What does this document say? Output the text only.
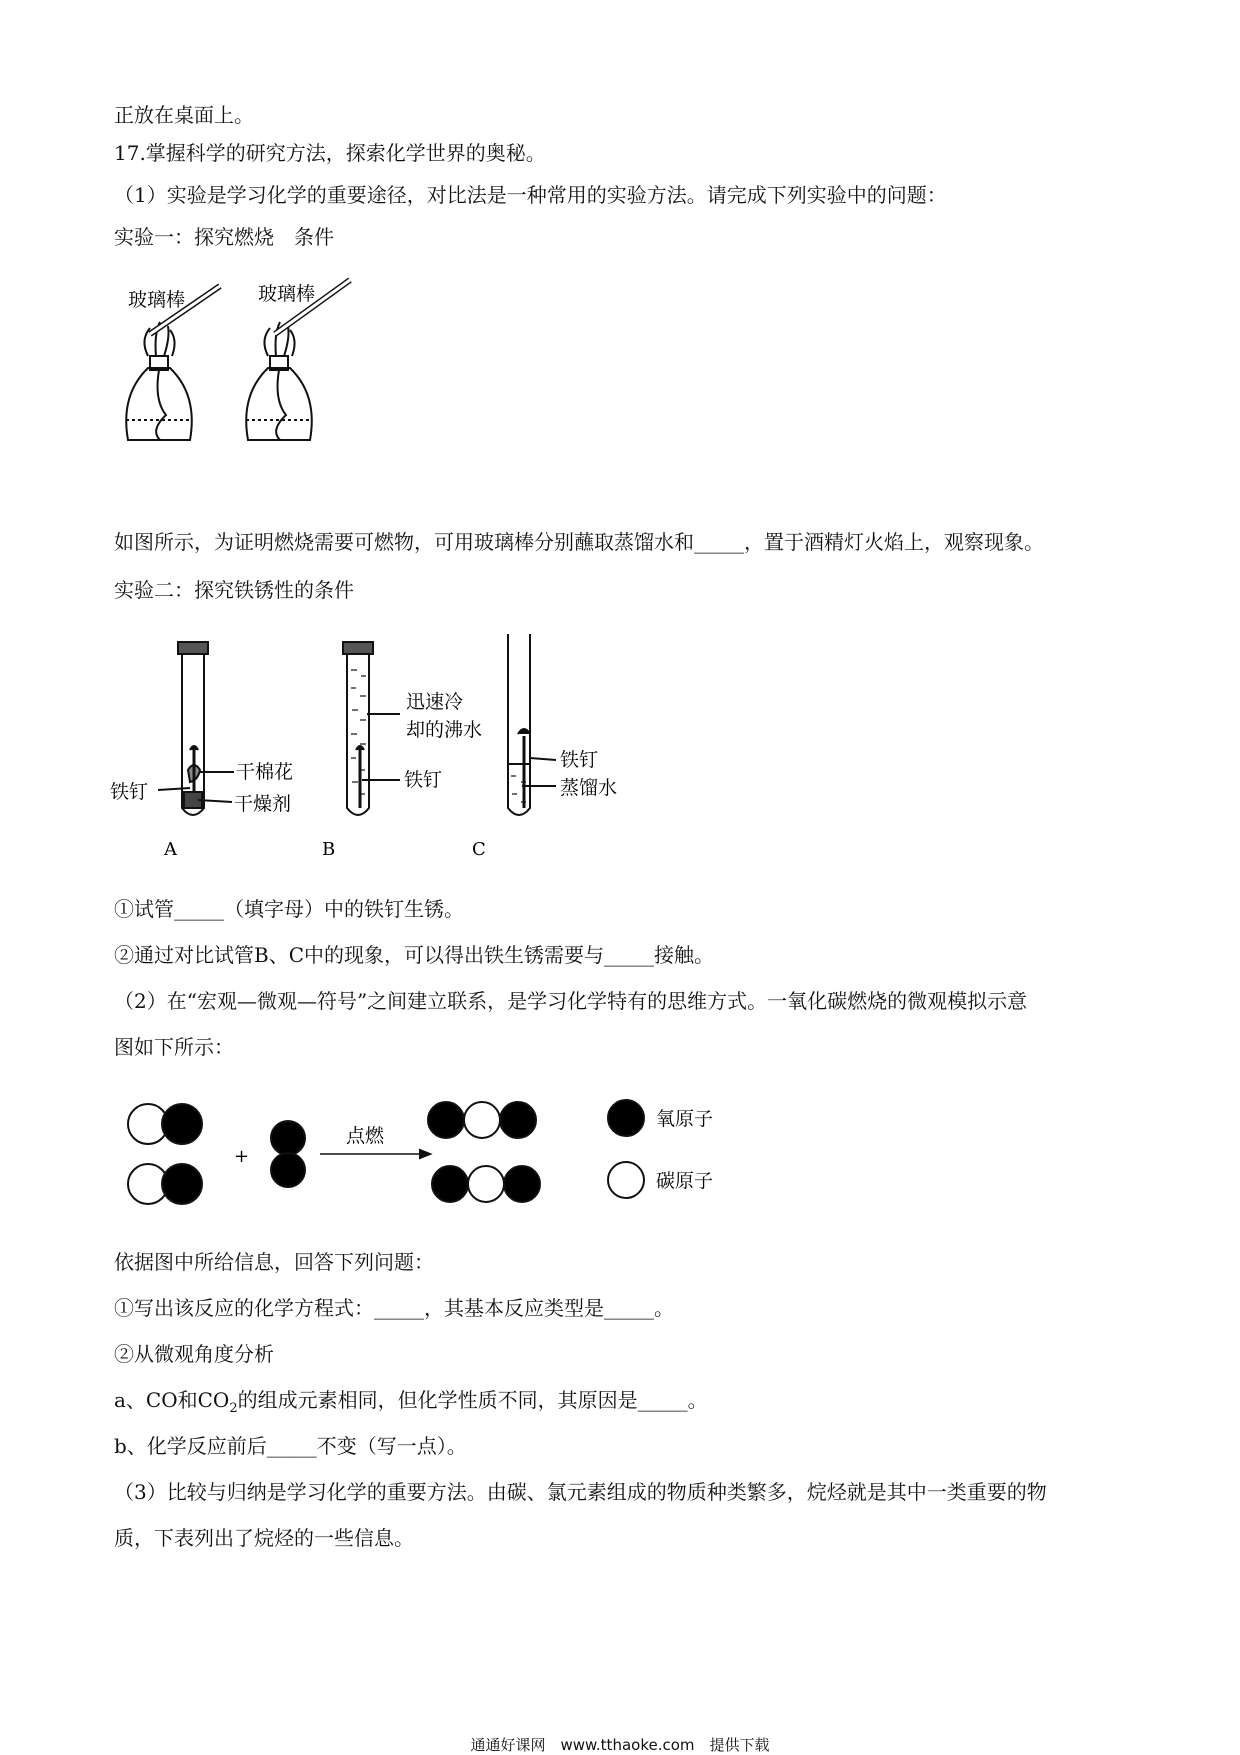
正放在桌面上。
17.掌握科学的研究方法，探索化学世界的奥秘。
（1）实验是学习化学的重要途径，对比法是一种常用的实验方法。请完成下列实验中的问题：
实验一：探究燃烧　条件
玻璃棒	玻璃棒
如图所示，为证明燃烧需要可燃物，可用玻璃棒分别蘸取蒸馏水和_____，置于酒精灯火焰上，观察现象。
实验二：探究铁锈性的条件
A	B	C
铁钉
干棉花
干燥剂
迅速冷
却的沸水
铁钉
铁钉
蒸馏水
①试管_____（填字母）中的铁钉生锈。
②通过对比试管B、C中的现象，可以得出铁生锈需要与_____接触。
（2）在“宏观—微观—符号”之间建立联系，是学习化学特有的思维方式。一氧化碳燃烧的微观模拟示意
图如下所示：
+
点燃
氧原子
碳原子
依据图中所给信息，回答下列问题：
①写出该反应的化学方程式：_____，其基本反应类型是_____。
②从微观角度分析
a、CO和$CO_2$的组成元素相同，但化学性质不同，其原因是_____。
b、化学反应前后_____不变（写一点）。
（3）比较与归纳是学习化学的重要方法。由碳、氯元素组成的物质种类繁多，烷烃就是其中一类重要的物
质，下表列出了烷烃的一些信息。
通通好课网　www.tthaoke.com　提供下载
